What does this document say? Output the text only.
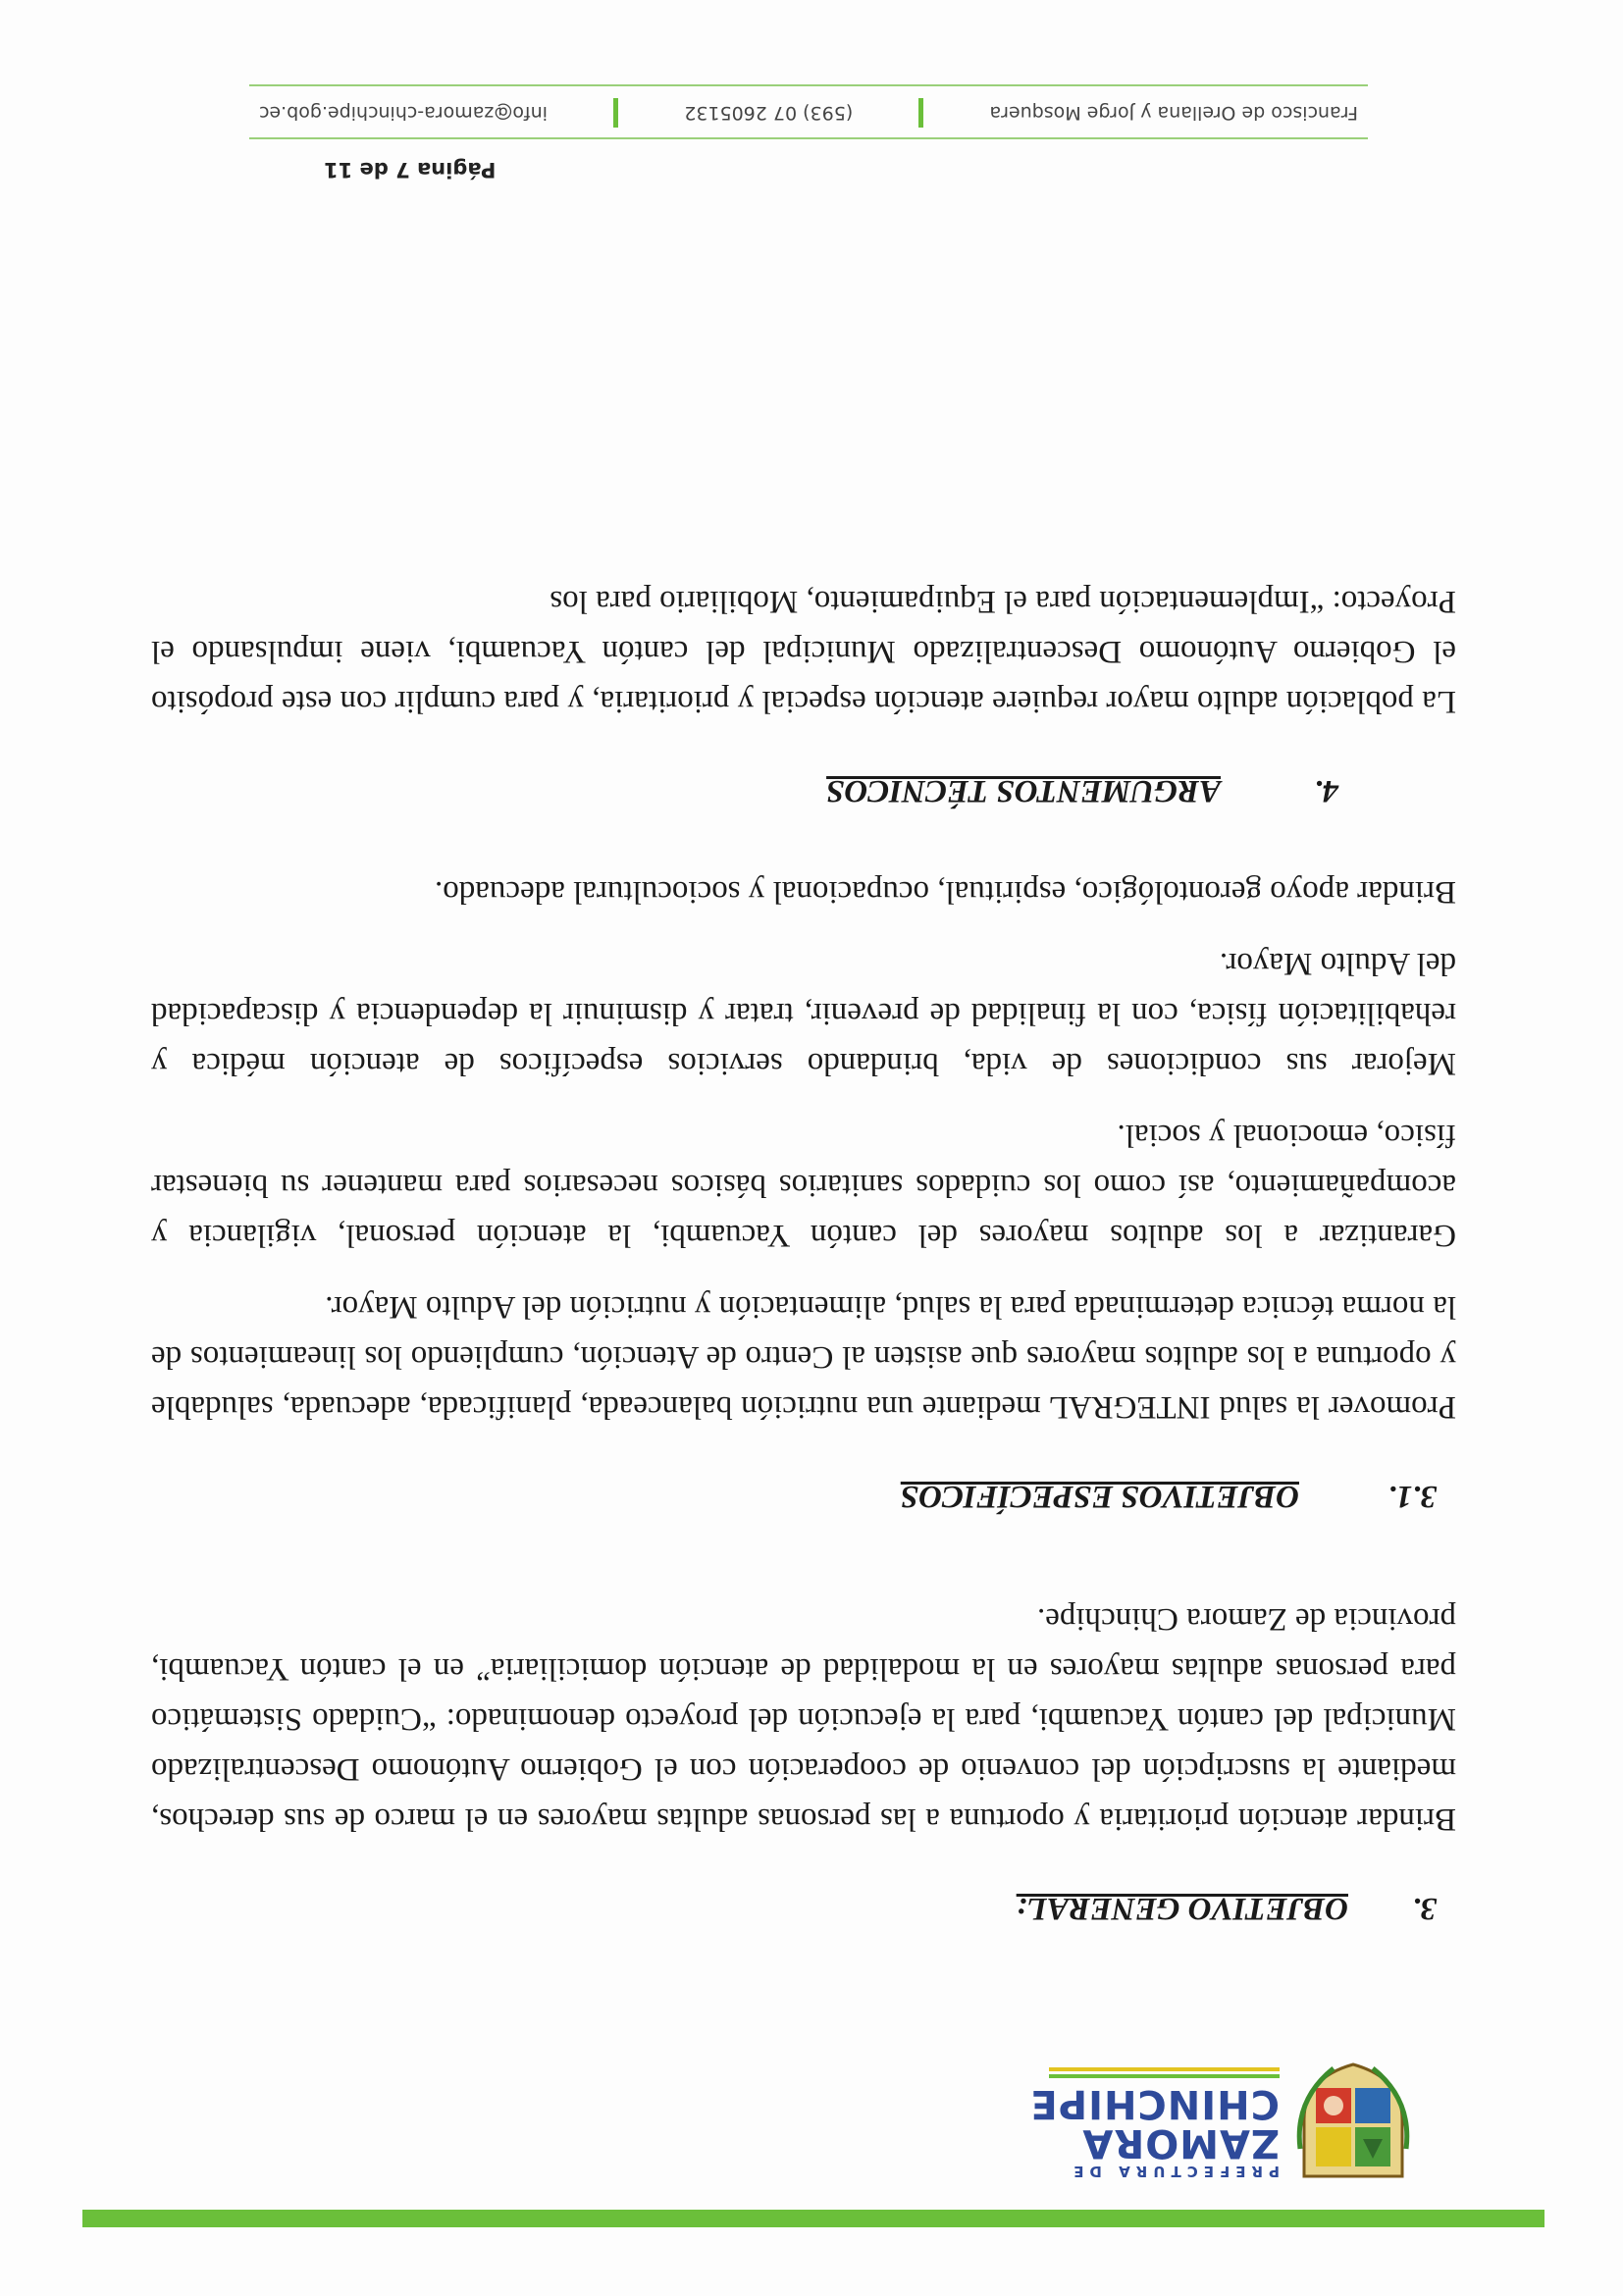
PREFECTURA DE
ZAMORA
CHINCHIPE
3.
OBJETIVO GENERAL:

Brindar atención prioritaria y oportuna a las personas adultas mayores en el marco de sus derechos, mediante la suscripción del convenio de cooperación con el Gobierno Autónomo Descentralizado Municipal del cantón Yacuambi, para la ejecución del proyecto denominado: “Cuidado Sistemático para personas adultas mayores en la modalidad de atención domiciliaria” en el cantón Yacuambi, provincia de Zamora Chinchipe.

3.1.
OBJETIVOS ESPECÍFICOS

Promover la salud INTEGRAL mediante una nutrición balanceada, planificada, adecuada, saludable y oportuna a los adultos mayores que asisten al Centro de Atención, cumpliendo los lineamientos de la norma técnica determinada para la salud, alimentación y nutrición del Adulto Mayor.

Garantizar a los adultos mayores del cantón Yacuambi, la atención personal, vigilancia y acompañamiento, así como los cuidados sanitarios básicos necesarios para mantener su bienestar físico, emocional y social.

Mejorar sus condiciones de vida, brindando servicios específicos de atención médica y rehabilitación física, con la finalidad de prevenir, tratar y disminuir la dependencia y discapacidad del Adulto Mayor.

Brindar apoyo gerontológico, espiritual, ocupacional y sociocultural adecuado.

4.
ARGUMENTOS TÉCNICOS

La población adulto mayor requiere atención especial y prioritaria, y para cumplir con este propósito el Gobierno Autónomo Descentralizado Municipal del cantón Yacuambi, viene impulsando el Proyecto: “Implementación para el Equipamiento, Mobiliario para los

Página 7 de 11
Francisco de Orellana y Jorge Mosquera
(593) 07 2605132
info@zamora-chinchipe.gob.ec
